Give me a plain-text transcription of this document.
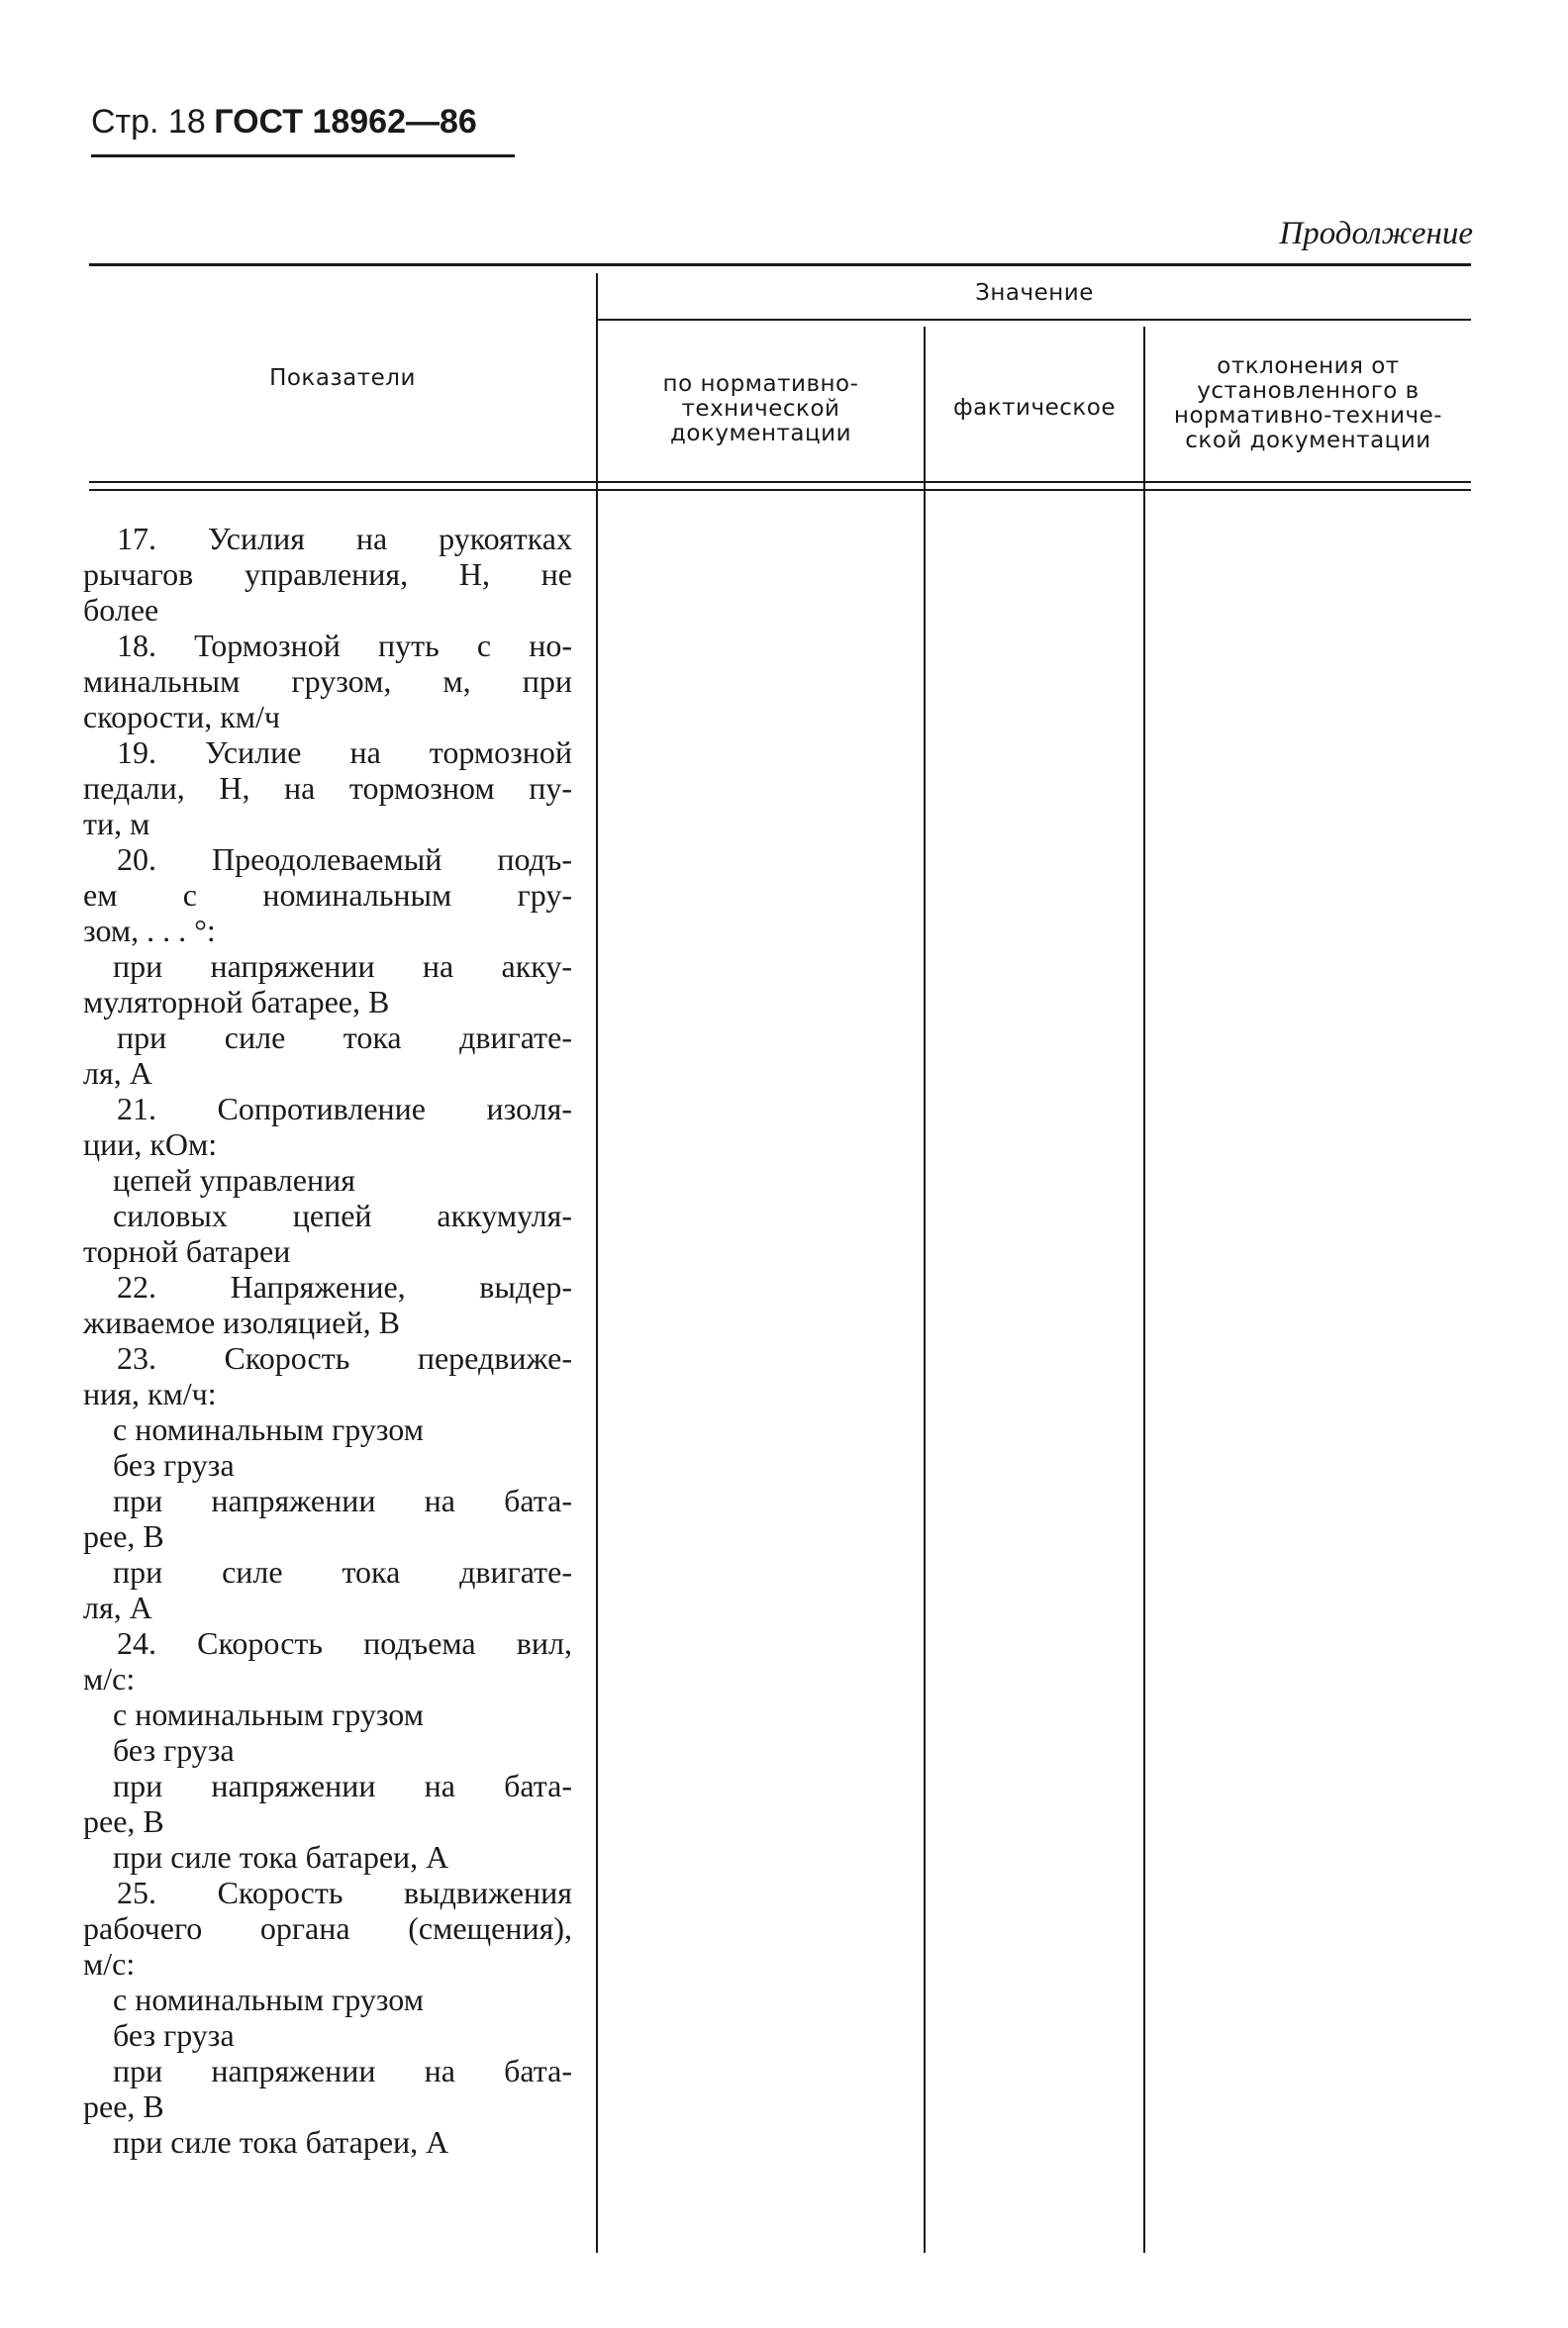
Стр. 18 ГОСТ 18962—86
Продолжение
Показатели
Значение
по нормативно-
технической
документации
фактическое
отклонения от
установленного в
нормативно-техниче-
ской документации
17. Усилия на рукоятках
рычагов управления, Н, не
более
18. Тормозной путь с но-
минальным грузом, м, при
скорости, км/ч
19. Усилие на тормозной
педали, Н, на тормозном пу-
ти, м
20. Преодолеваемый подъ-
ем с номинальным гру-
зом, . . . °:
при напряжении на акку-
муляторной батарее, В
при силе тока двигате-
ля, А
21. Сопротивление изоля-
ции, кОм:
цепей управления
силовых цепей аккумуля-
торной батареи
22. Напряжение, выдер-
живаемое изоляцией, В
23. Скорость передвиже-
ния, км/ч:
с номинальным грузом
без груза
при напряжении на бата-
рее, В
при силе тока двигате-
ля, А
24. Скорость подъема вил,
м/с:
с номинальным грузом
без груза
при напряжении на бата-
рее, В
при силе тока батареи, А
25. Скорость выдвижения
рабочего органа (смещения),
м/с:
с номинальным грузом
без груза
при напряжении на бата-
рее, В
при силе тока батареи, А
